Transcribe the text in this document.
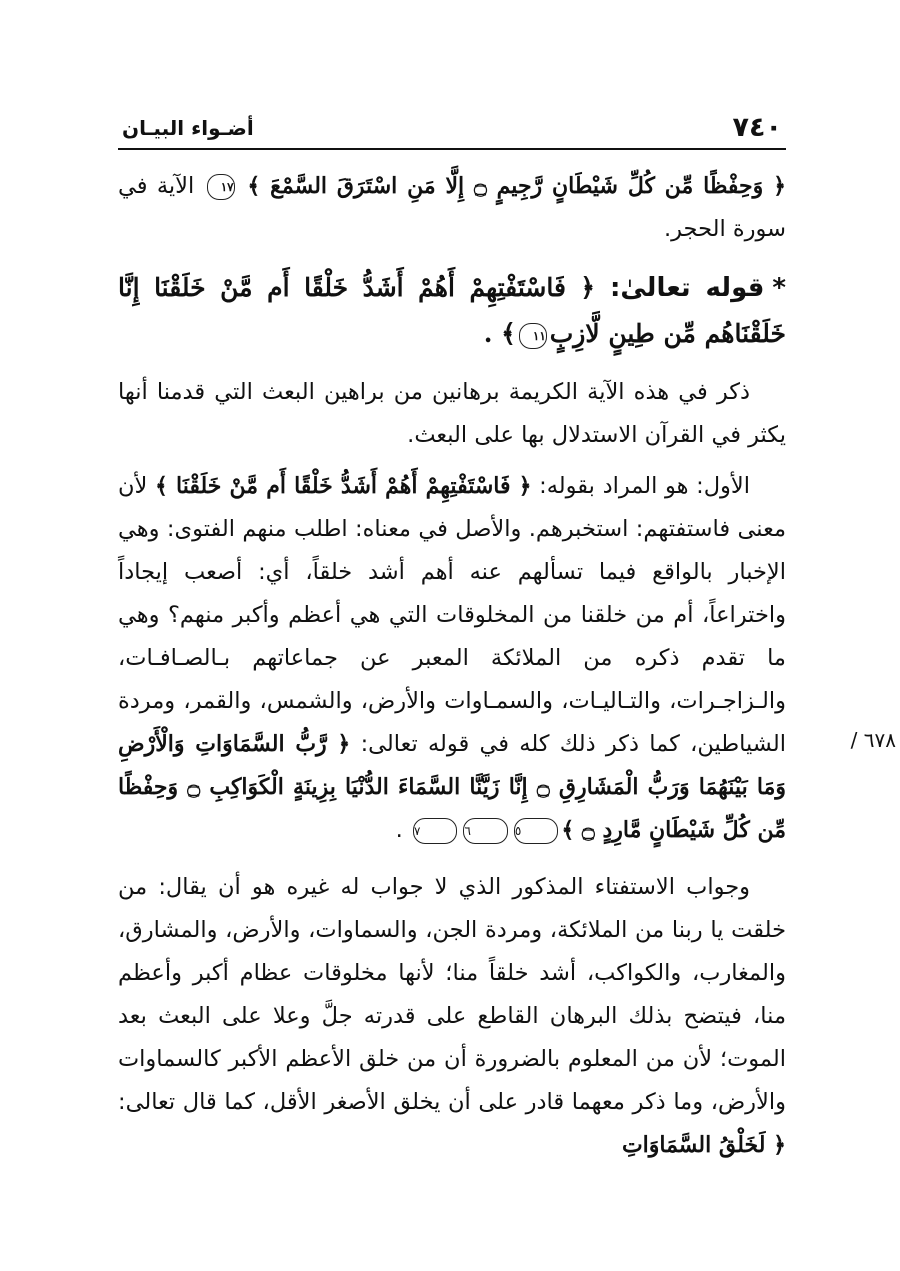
٧٤٠
أضـواء البيـان
٦٧٨ /

﴿ وَحِفْظًا مِّن كُلِّ شَيْطَانٍ رَّجِيمٍ ۝ إِلَّا مَنِ اسْتَرَقَ السَّمْعَ ﴾ ١٧ الآية في سورة الحجر.

*قوله تعالىٰ: ﴿ فَاسْتَفْتِهِمْ أَهُمْ أَشَدُّ خَلْقًا أَم مَّنْ خَلَقْنَا إِنَّا خَلَقْنَاهُم مِّن طِينٍ لَّازِبٍ١١﴾ .

ذكر في هذه الآية الكريمة برهانين من براهين البعث التي قدمنا أنها يكثر في القرآن الاستدلال بها على البعث.

الأول: هو المراد بقوله: ﴿ فَاسْتَفْتِهِمْ أَهُمْ أَشَدُّ خَلْقًا أَم مَّنْ خَلَقْنَا ﴾ لأن معنى فاستفتهم: استخبرهم. والأصل في معناه: اطلب منهم الفتوى: وهي الإخبار بالواقع فيما تسألهم عنه أهم أشد خلقاً، أي: أصعب إيجاداً واختراعاً، أم من خلقنا من المخلوقات التي هي أعظم وأكبر منهم؟ وهي ما تقدم ذكره من الملائكة المعبر عن جماعاتهم بـالصـافـات، والـزاجـرات، والتـاليـات، والسمـاوات والأرض، والشمس، والقمر، ومردة الشياطين، كما ذكر ذلك كله في قوله تعالى: ﴿ رَّبُّ السَّمَاوَاتِ وَالْأَرْضِ وَمَا بَيْنَهُمَا وَرَبُّ الْمَشَارِقِ ۝ إِنَّا زَيَّنَّا السَّمَاءَ الدُّنْيَا بِزِينَةٍ الْكَوَاكِبِ ۝ وَحِفْظًا مِّن كُلِّ شَيْطَانٍ مَّارِدٍ ۝ ﴾٥٦٧ .

وجواب الاستفتاء المذكور الذي لا جواب له غيره هو أن يقال: من خلقت يا ربنا من الملائكة، ومردة الجن، والسماوات، والأرض، والمشارق، والمغارب، والكواكب، أشد خلقاً منا؛ لأنها مخلوقات عظام أكبر وأعظم منا، فيتضح بذلك البرهان القاطع على قدرته جلَّ وعلا على البعث بعد الموت؛ لأن من المعلوم بالضرورة أن من خلق الأعظم الأكبر كالسماوات والأرض، وما ذكر معهما قادر على أن يخلق الأصغر الأقل، كما قال تعالى: ﴿ لَخَلْقُ السَّمَاوَاتِ
